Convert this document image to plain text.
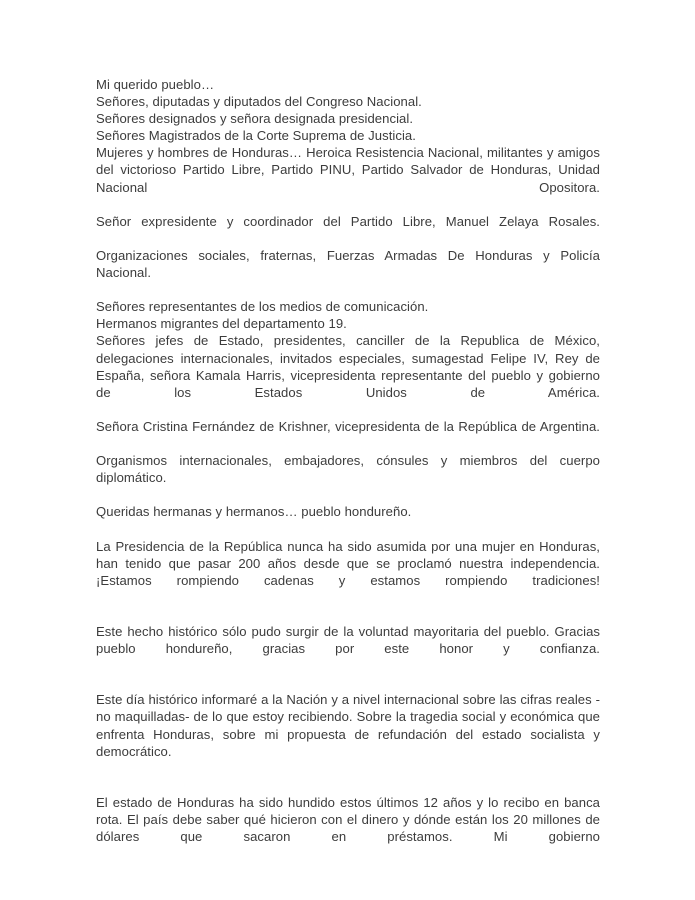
Mi querido pueblo…

Señores, diputadas y diputados del Congreso Nacional.

Señores designados y señora designada presidencial.

Señores Magistrados de la Corte Suprema de Justicia.

Mujeres y hombres de Honduras… Heroica Resistencia Nacional, militantes y amigos del victorioso Partido Libre, Partido PINU, Partido Salvador de Honduras, Unidad Nacional Opositora.

Señor expresidente y coordinador del Partido Libre, Manuel Zelaya Rosales.

Organizaciones sociales, fraternas, Fuerzas Armadas De Honduras y Policía Nacional.

Señores representantes de los medios de comunicación.

Hermanos migrantes del departamento 19.

Señores jefes de Estado, presidentes, canciller de la Republica de México, delegaciones internacionales, invitados especiales, sumagestad Felipe IV, Rey de España, señora Kamala Harris, vicepresidenta representante del pueblo y gobierno de los Estados Unidos de América.

Señora Cristina Fernández de Krishner, vicepresidenta de la República de Argentina.

Organismos internacionales, embajadores, cónsules y miembros del cuerpo diplomático.

Queridas hermanas y hermanos… pueblo hondureño.

La Presidencia de la República nunca ha sido asumida por una mujer en Honduras, han tenido que pasar 200 años desde que se proclamó nuestra independencia. ¡Estamos rompiendo cadenas y estamos rompiendo tradiciones!

Este hecho histórico sólo pudo surgir de la voluntad mayoritaria del pueblo. Gracias pueblo hondureño, gracias por este honor y confianza.

Este día histórico informaré a la Nación y a nivel internacional sobre las cifras reales -no maquilladas- de lo que estoy recibiendo. Sobre la tragedia social y económica que enfrenta Honduras, sobre mi propuesta de refundación del estado socialista y democrático.

El estado de Honduras ha sido hundido estos últimos 12 años y lo recibo en banca rota. El país debe saber qué hicieron con el dinero y dónde están los 20 millones de dólares que sacaron en préstamos. Mi gobierno
